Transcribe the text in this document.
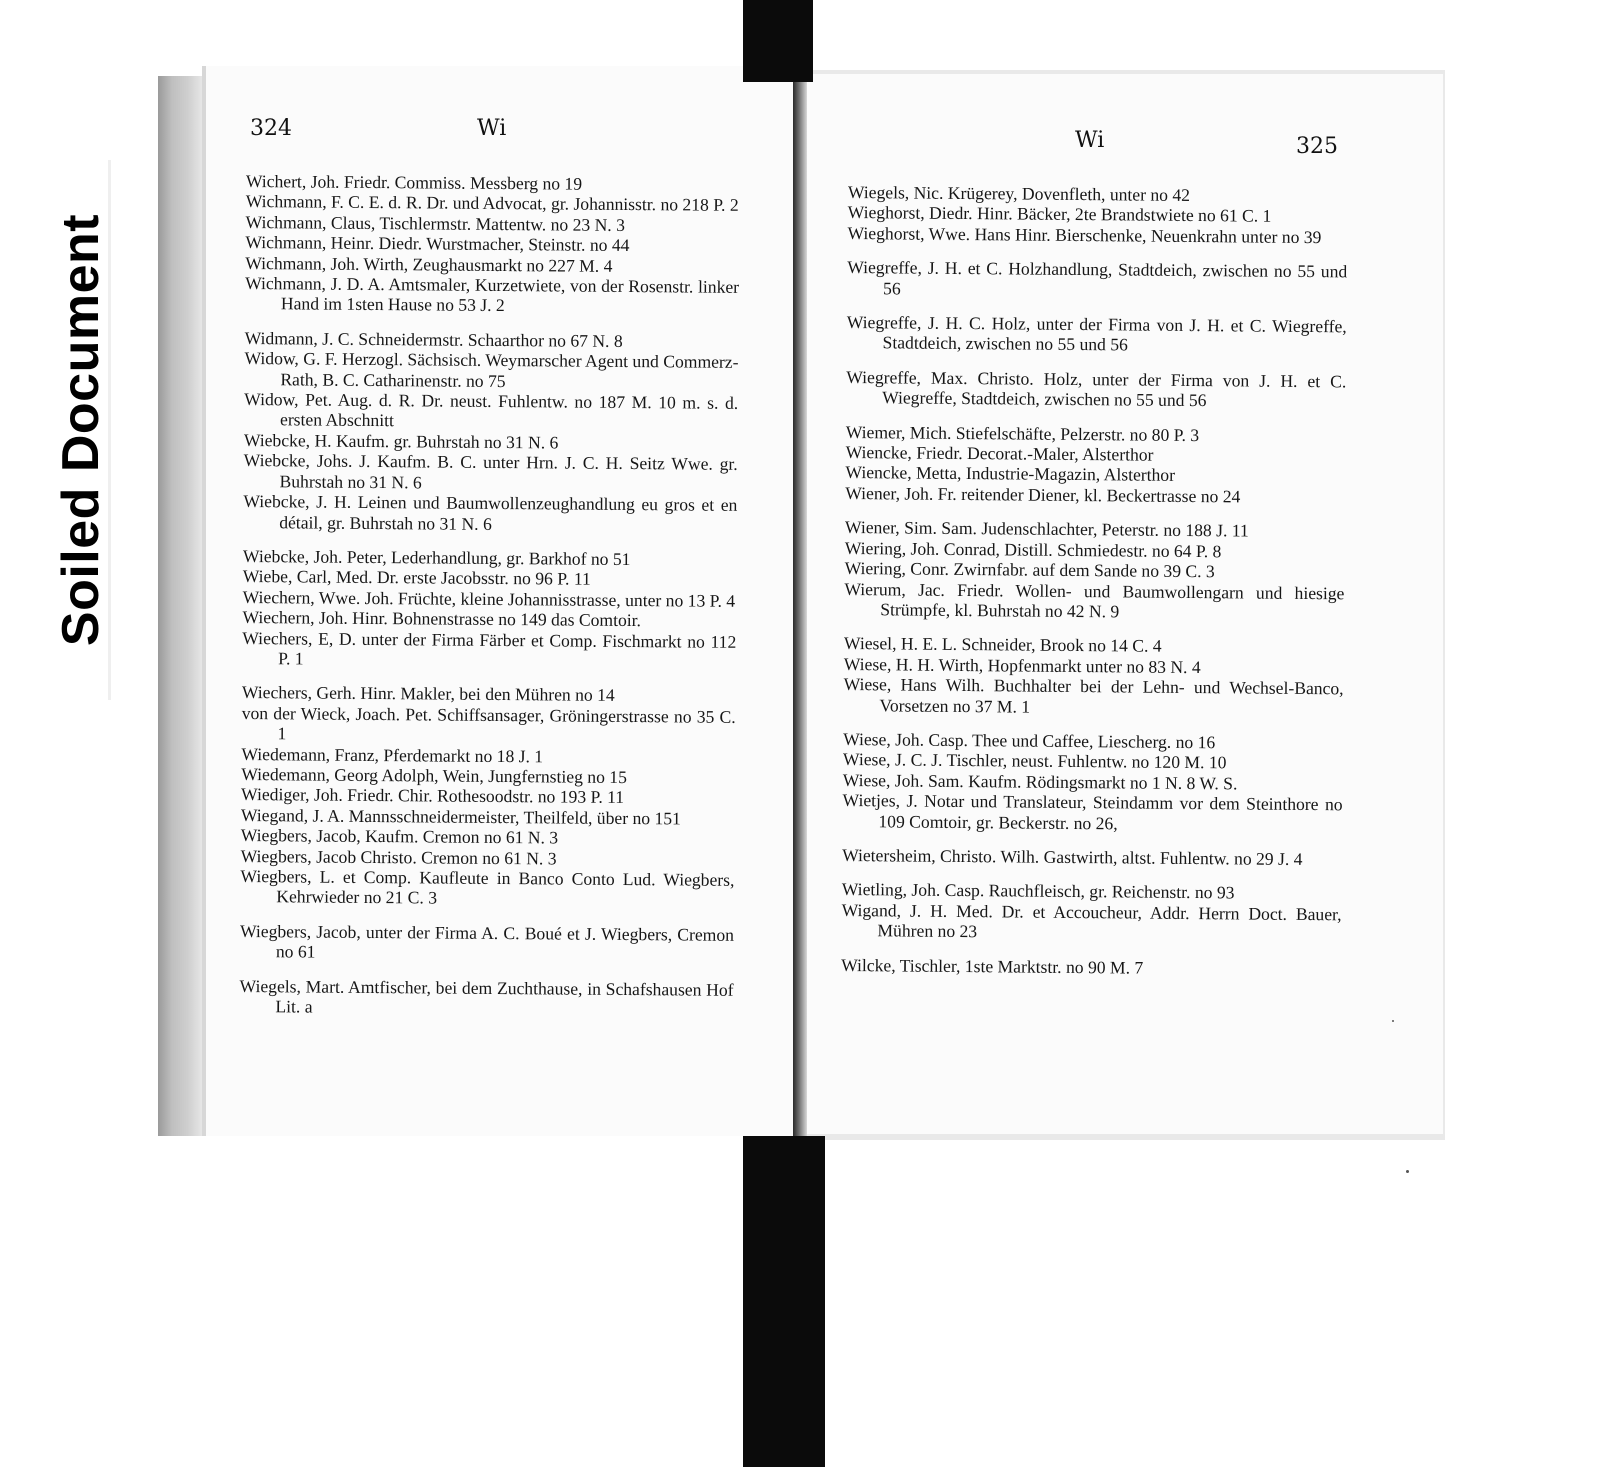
Soiled Document
324	Wi	Wi	325
Wichert, Joh. Friedr. Commiss. Messberg no 19
Wichmann, F. C. E. d. R. Dr. und Advocat, gr. Johannisstr. no 218 P. 2
Wichmann, Claus, Tischlermstr. Mattentw. no 23 N. 3
Wichmann, Heinr. Diedr. Wurstmacher, Steinstr. no 44
Wichmann, Joh. Wirth, Zeughausmarkt no 227 M. 4
Wichmann, J. D. A. Amtsmaler, Kurzetwiete, von der Rosenstr. linker Hand im 1sten Hause no 53 J. 2
Widmann, J. C. Schneidermstr. Schaarthor no 67 N. 8
Widow, G. F. Herzogl. Sächsisch. Weymarscher Agent und Commerz-Rath, B. C. Catharinenstr. no 75
Widow, Pet. Aug. d. R. Dr. neust. Fuhlentw. no 187 M. 10 m. s. d. ersten Abschnitt
Wiebcke, H. Kaufm. gr. Buhrstah no 31 N. 6
Wiebcke, Johs. J. Kaufm. B. C. unter Hrn. J. C. H. Seitz Wwe. gr. Buhrstah no 31 N. 6
Wiebcke, J. H. Leinen und Baumwollenzeughandlung eu gros et en détail, gr. Buhrstah no 31 N. 6
Wiebcke, Joh. Peter, Lederhandlung, gr. Barkhof no 51
Wiebe, Carl, Med. Dr. erste Jacobsstr. no 96 P. 11
Wiechern, Wwe. Joh. Früchte, kleine Johannisstrasse, unter no 13 P. 4
Wiechern, Joh. Hinr. Bohnenstrasse no 149 das Comtoir.
Wiechers, E, D. unter der Firma Färber et Comp. Fischmarkt no 112 P. 1
Wiechers, Gerh. Hinr. Makler, bei den Mühren no 14
von der Wieck, Joach. Pet. Schiffsansager, Gröningerstrasse no 35 C. 1
Wiedemann, Franz, Pferdemarkt no 18 J. 1
Wiedemann, Georg Adolph, Wein, Jungfernstieg no 15
Wiediger, Joh. Friedr. Chir. Rothesoodstr. no 193 P. 11
Wiegand, J. A. Mannsschneidermeister, Theilfeld, über no 151
Wiegbers, Jacob, Kaufm. Cremon no 61 N. 3
Wiegbers, Jacob Christo. Cremon no 61 N. 3
Wiegbers, L. et Comp. Kaufleute in Banco Conto Lud. Wiegbers, Kehrwieder no 21 C. 3
Wiegbers, Jacob, unter der Firma A. C. Boué et J. Wiegbers, Cremon no 61
Wiegels, Mart. Amtfischer, bei dem Zuchthause, in Schafshausen Hof Lit. a
Wiegels, Nic. Krügerey, Dovenfleth, unter no 42
Wieghorst, Diedr. Hinr. Bäcker, 2te Brandstwiete no 61 C. 1
Wieghorst, Wwe. Hans Hinr. Bierschenke, Neuenkrahn unter no 39
Wiegreffe, J. H. et C. Holzhandlung, Stadtdeich, zwischen no 55 und 56
Wiegreffe, J. H. C. Holz, unter der Firma von J. H. et C. Wiegreffe, Stadtdeich, zwischen no 55 und 56
Wiegreffe, Max. Christo. Holz, unter der Firma von J. H. et C. Wiegreffe, Stadtdeich, zwischen no 55 und 56
Wiemer, Mich. Stiefelschäfte, Pelzerstr. no 80 P. 3
Wiencke, Friedr. Decorat.-Maler, Alsterthor
Wiencke, Metta, Industrie-Magazin, Alsterthor
Wiener, Joh. Fr. reitender Diener, kl. Beckertrasse no 24
Wiener, Sim. Sam. Judenschlachter, Peterstr. no 188 J. 11
Wiering, Joh. Conrad, Distill. Schmiedestr. no 64 P. 8
Wiering, Conr. Zwirnfabr. auf dem Sande no 39 C. 3
Wierum, Jac. Friedr. Wollen- und Baumwollengarn und hiesige Strümpfe, kl. Buhrstah no 42 N. 9
Wiesel, H. E. L. Schneider, Brook no 14 C. 4
Wiese, H. H. Wirth, Hopfenmarkt unter no 83 N. 4
Wiese, Hans Wilh. Buchhalter bei der Lehn- und Wechsel-Banco, Vorsetzen no 37 M. 1
Wiese, Joh. Casp. Thee und Caffee, Liescherg. no 16
Wiese, J. C. J. Tischler, neust. Fuhlentw. no 120 M. 10
Wiese, Joh. Sam. Kaufm. Rödingsmarkt no 1 N. 8 W. S.
Wietjes, J. Notar und Translateur, Steindamm vor dem Steinthore no 109 Comtoir, gr. Beckerstr. no 26,
Wietersheim, Christo. Wilh. Gastwirth, altst. Fuhlentw. no 29 J. 4
Wietling, Joh. Casp. Rauchfleisch, gr. Reichenstr. no 93
Wigand, J. H. Med. Dr. et Accoucheur, Addr. Herrn Doct. Bauer, Mühren no 23
Wilcke, Tischler, 1ste Marktstr. no 90 M. 7
